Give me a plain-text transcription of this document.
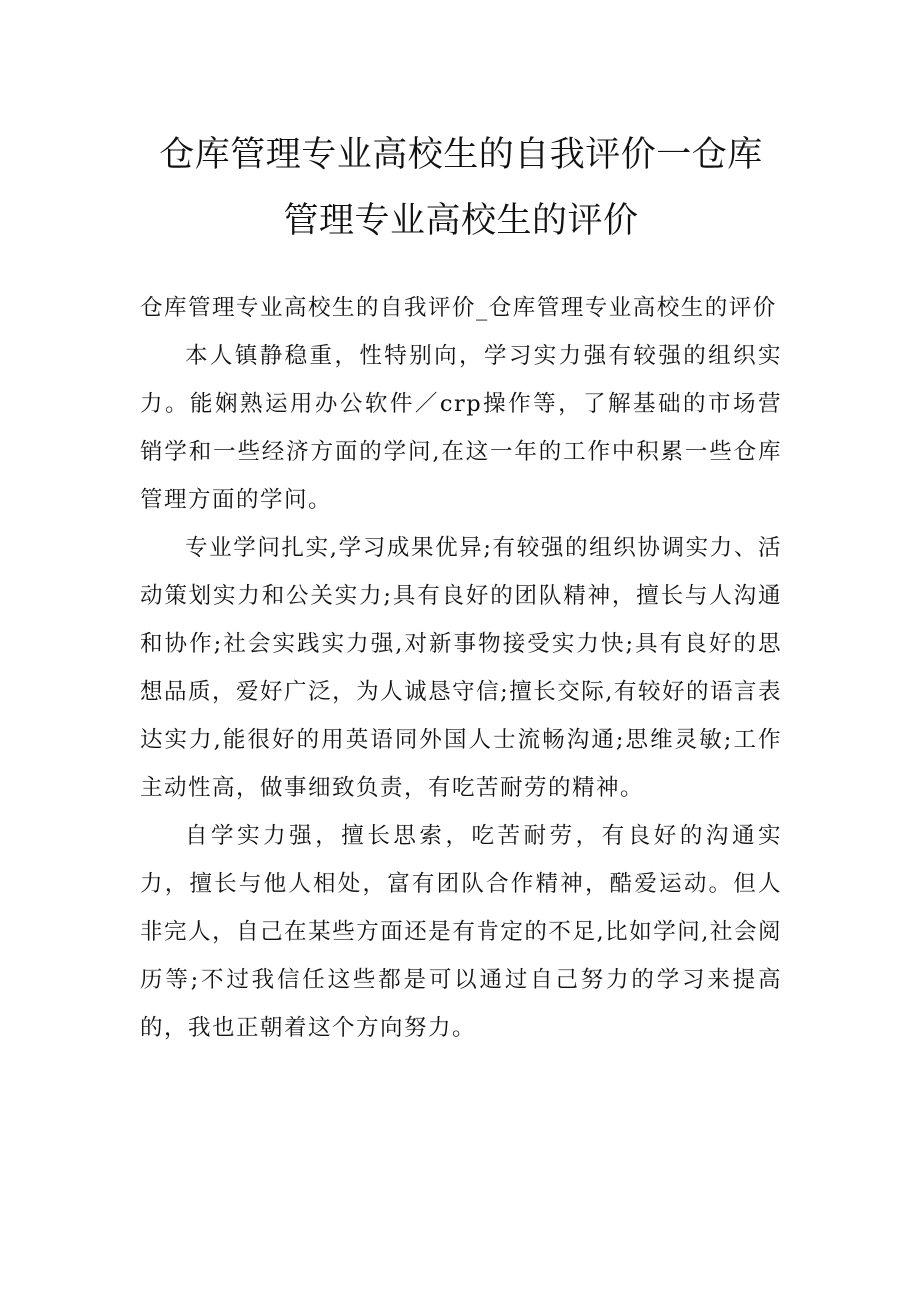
仓库管理专业高校生的自我评价一仓库
管理专业高校生的评价

仓库管理专业高校生的自我评价_仓库管理专业高校生的评价

本人镇静稳重，性特别向，学习实力强有较强的组织实力。能娴熟运用办公软件／crp操作等，了解基础的市场营销学和一些经济方面的学问,在这一年的工作中积累一些仓库管理方面的学问。

专业学问扎实,学习成果优异;有较强的组织协调实力、活动策划实力和公关实力;具有良好的团队精神，擅长与人沟通和协作;社会实践实力强,对新事物接受实力快;具有良好的思想品质，爱好广泛，为人诚恳守信;擅长交际,有较好的语言表达实力,能很好的用英语同外国人士流畅沟通;思维灵敏;工作主动性高，做事细致负责，有吃苦耐劳的精神。

自学实力强，擅长思索，吃苦耐劳，有良好的沟通实力，擅长与他人相处，富有团队合作精神，酷爱运动。但人非完人，自己在某些方面还是有肯定的不足,比如学问,社会阅历等;不过我信任这些都是可以通过自己努力的学习来提高的，我也正朝着这个方向努力。
